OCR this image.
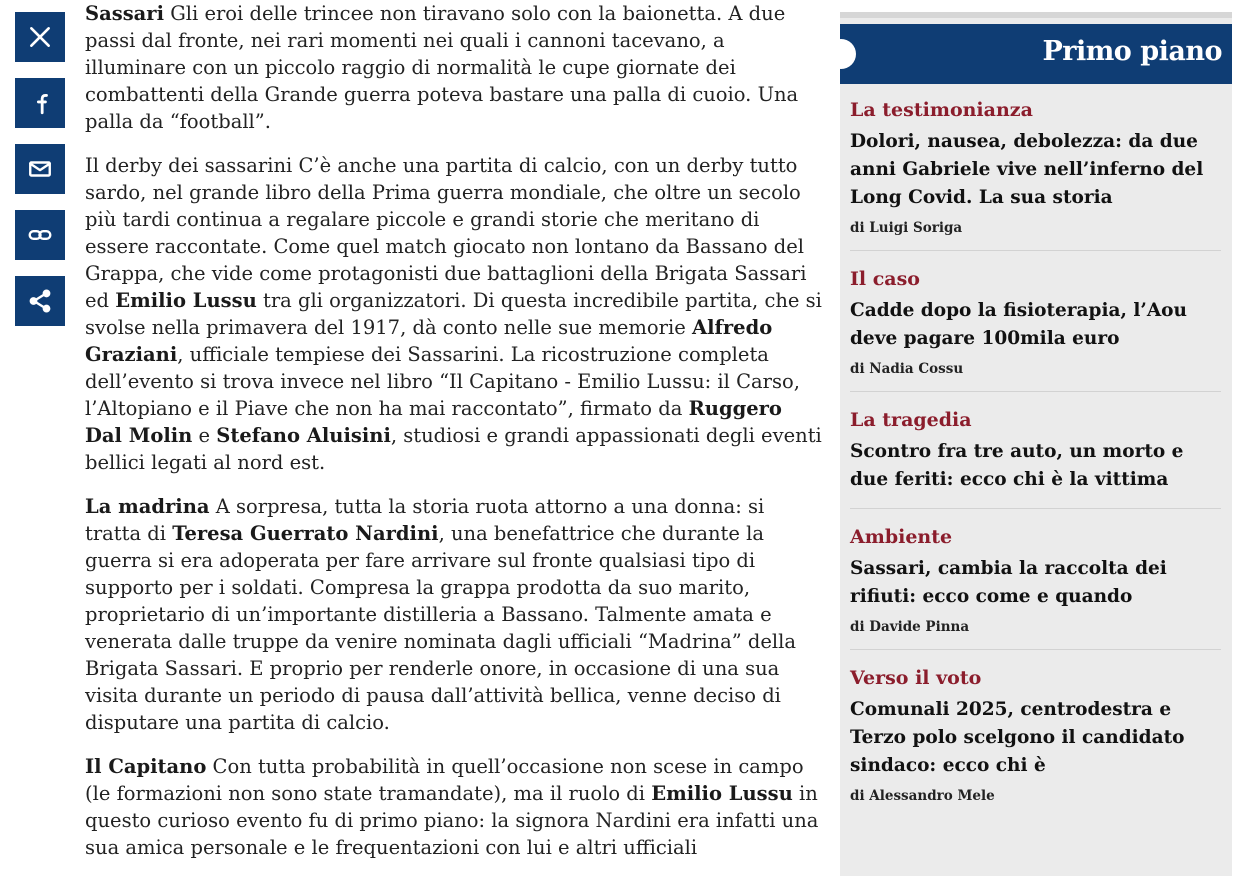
Sassari Gli eroi delle trincee non tiravano solo con la baionetta. A due passi dal fronte, nei rari momenti nei quali i cannoni tacevano, a illuminare con un piccolo raggio di normalità le cupe giornate dei combattenti della Grande guerra poteva bastare una palla di cuoio. Una palla da “football”.

Il derby dei sassarini C’è anche una partita di calcio, con un derby tutto sardo, nel grande libro della Prima guerra mondiale, che oltre un secolo più tardi continua a regalare piccole e grandi storie che meritano di essere raccontate. Come quel match giocato non lontano da Bassano del Grappa, che vide come protagonisti due battaglioni della Brigata Sassari ed Emilio Lussu tra gli organizzatori. Di questa incredibile partita, che si svolse nella primavera del 1917, dà conto nelle sue memorie Alfredo Graziani, ufficiale tempiese dei Sassarini. La ricostruzione completa dell’evento si trova invece nel libro “Il Capitano - Emilio Lussu: il Carso, l’Altopiano e il Piave che non ha mai raccontato”, firmato da Ruggero Dal Molin e Stefano Aluisini, studiosi e grandi appassionati degli eventi bellici legati al nord est.

La madrina A sorpresa, tutta la storia ruota attorno a una donna: si tratta di Teresa Guerrato Nardini, una benefattrice che durante la guerra si era adoperata per fare arrivare sul fronte qualsiasi tipo di supporto per i soldati. Compresa la grappa prodotta da suo marito, proprietario di un’importante distilleria a Bassano. Talmente amata e venerata dalle truppe da venire nominata dagli ufficiali “Madrina” della Brigata Sassari. E proprio per renderle onore, in occasione di una sua visita durante un periodo di pausa dall’attività bellica, venne deciso di disputare una partita di calcio.

Il Capitano Con tutta probabilità in quell’occasione non scese in campo (le formazioni non sono state tramandate), ma il ruolo di Emilio Lussu in questo curioso evento fu di primo piano: la signora Nardini era infatti una sua amica personale e le frequentazioni con lui e altri ufficiali

Primo piano
La testimonianza
Dolori, nausea, debolezza: da due anni Gabriele vive nell’inferno del Long Covid. La sua storia
di Luigi Soriga
Il caso
Cadde dopo la fisioterapia, l’Aou deve pagare 100mila euro
di Nadia Cossu
La tragedia
Scontro fra tre auto, un morto e due feriti: ecco chi è la vittima
Ambiente
Sassari, cambia la raccolta dei rifiuti: ecco come e quando
di Davide Pinna
Verso il voto
Comunali 2025, centrodestra e Terzo polo scelgono il candidato sindaco: ecco chi è
di Alessandro Mele
